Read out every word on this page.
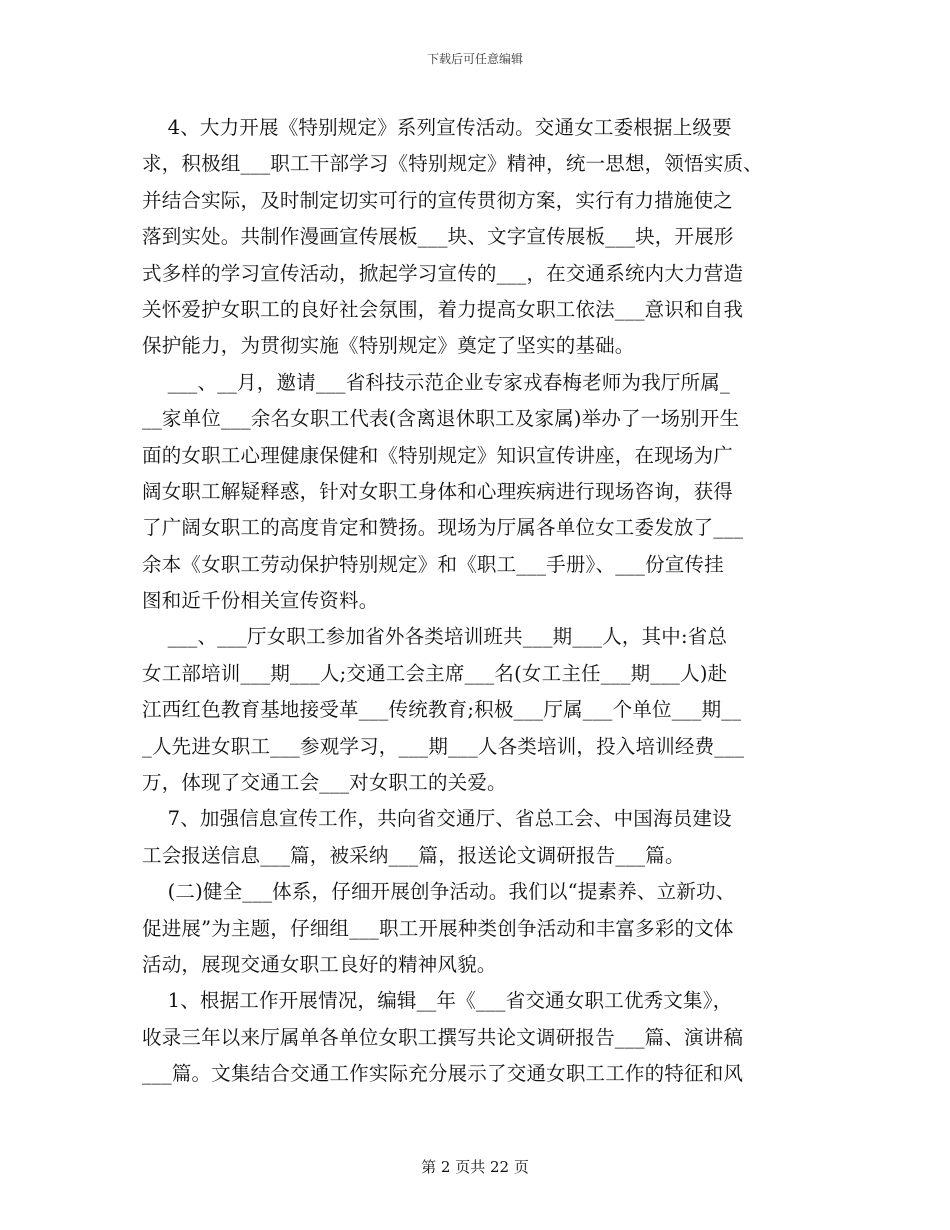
下载后可任意编辑
4、大力开展《特别规定》系列宣传活动。交通女工委根据上级要
求，积极组___职工干部学习《特别规定》精神，统一思想，领悟实质、
并结合实际，及时制定切实可行的宣传贯彻方案，实行有力措施使之
落到实处。共制作漫画宣传展板___块、文字宣传展板___块，开展形
式多样的学习宣传活动，掀起学习宣传的___，在交通系统内大力营造
关怀爱护女职工的良好社会氛围，着力提高女职工依法___意识和自我
保护能力，为贯彻实施《特别规定》奠定了坚实的基础。
___、__月，邀请___省科技示范企业专家戎春梅老师为我厅所属_
__家单位___余名女职工代表(含离退休职工及家属)举办了一场别开生
面的女职工心理健康保健和《特别规定》知识宣传讲座，在现场为广
阔女职工解疑释惑，针对女职工身体和心理疾病进行现场咨询，获得
了广阔女职工的高度肯定和赞扬。现场为厅属各单位女工委发放了___
余本《女职工劳动保护特别规定》和《职工___手册》、___份宣传挂
图和近千份相关宣传资料。
___、___厅女职工参加省外各类培训班共___期___人，其中:省总
女工部培训___期___人;交通工会主席___名(女工主任___期___人)赴
江西红色教育基地接受革___传统教育;积极___厅属___个单位___期__
_人先进女职工___参观学习，___期___人各类培训，投入培训经费___
万，体现了交通工会___对女职工的关爱。
7、加强信息宣传工作，共向省交通厅、省总工会、中国海员建设
工会报送信息___篇，被采纳___篇，报送论文调研报告___篇。
(二)健全___体系，仔细开展创争活动。我们以“提素养、立新功、
促进展”为主题，仔细组___职工开展种类创争活动和丰富多彩的文体
活动，展现交通女职工良好的精神风貌。
1、根据工作开展情况，编辑__年《___省交通女职工优秀文集》，
收录三年以来厅属单各单位女职工撰写共论文调研报告___篇、演讲稿
___篇。文集结合交通工作实际充分展示了交通女职工工作的特征和风
第 2 页共 22 页
